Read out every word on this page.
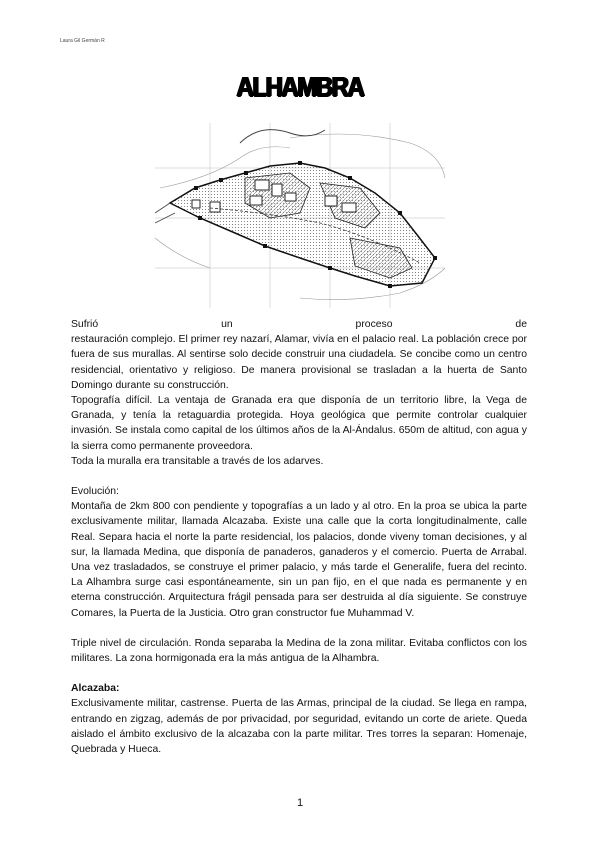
Laura Gil Germán R
ALHAMBRA

Sufrió un proceso de

restauración complejo. El primer rey nazarí, Alamar, vivía en el palacio real. La población crece por fuera de sus murallas. Al sentirse solo decide construir una ciudadela. Se concibe como un centro residencial, orientativo y religioso. De manera provisional se trasladan a la huerta de Santo Domingo durante su construcción.

Topografía difícil. La ventaja de Granada era que disponía de un territorio libre, la Vega de Granada, y tenía la retaguardia protegida. Hoya geológica que permite controlar cualquier invasión. Se instala como capital de los últimos años de la Al-Ándalus. 650m de altitud, con agua y la sierra como permanente proveedora.

Toda la muralla era transitable a través de los adarves.

Evolución:

Montaña de 2km 800 con pendiente y topografías a un lado y al otro. En la proa se ubica la parte exclusivamente militar, llamada Alcazaba. Existe una calle que la corta longitudinalmente, calle Real. Separa hacia el norte la parte residencial, los palacios, donde viveny toman decisiones, y al sur, la llamada Medina, que disponía de panaderos, ganaderos y el comercio. Puerta de Arrabal. Una vez trasladados, se construye el primer palacio, y más tarde el Generalife, fuera del recinto. La Alhambra surge casi espontáneamente, sin un pan fijo, en el que nada es permanente y en eterna construcción. Arquitectura frágil pensada para ser destruida al día siguiente. Se construye Comares, la Puerta de la Justicia. Otro gran constructor fue Muhammad V.

Triple nivel de circulación. Ronda separaba la Medina de la zona militar. Evitaba conflictos con los militares. La zona hormigonada era la más antigua de la Alhambra.

Alcazaba:

Exclusivamente militar, castrense. Puerta de las Armas, principal de la ciudad. Se llega en rampa, entrando en zigzag, además de por privacidad, por seguridad, evitando un corte de ariete. Queda aislado el ámbito exclusivo de la alcazaba con la parte militar. Tres torres la separan: Homenaje, Quebrada y Hueca.

1
